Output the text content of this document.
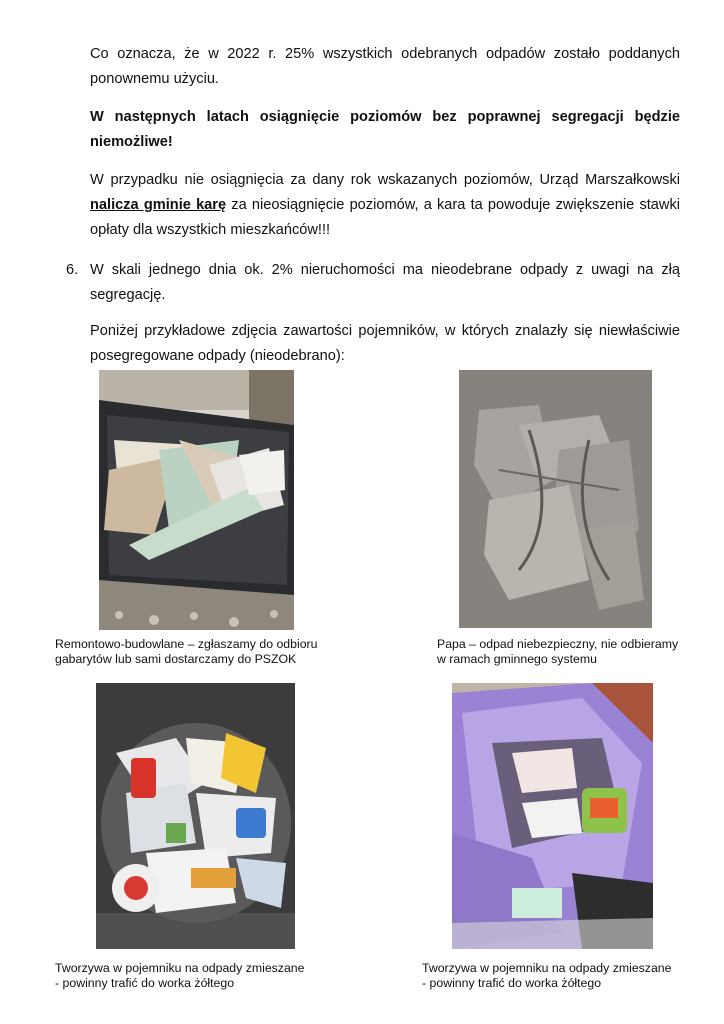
Co oznacza, że w 2022 r. 25% wszystkich odebranych odpadów zostało poddanych ponownemu użyciu.

W następnych latach osiągnięcie poziomów bez poprawnej segregacji będzie niemożliwe!

W przypadku nie osiągnięcia za dany rok wskazanych poziomów, Urząd Marszałkowski nalicza gminie karę za nieosiągnięcie poziomów, a kara ta powoduje zwiększenie stawki opłaty dla wszystkich mieszkańców!!!

6. W skali jednego dnia ok. 2% nieruchomości ma nieodebrane odpady z uwagi na złą segregację.

Poniżej przykładowe zdjęcia zawartości pojemników, w których znalazły się niewłaściwie posegregowane odpady (nieodebrano):

Remontowo-budowlane – zgłaszamy do odbioru
gabarytów lub sami dostarczamy do PSZOK

Papa – odpad niebezpieczny, nie odbieramy
w ramach gminnego systemu

Tworzywa w pojemniku na odpady zmieszane
- powinny trafić do worka żółtego

Tworzywa w pojemniku na odpady zmieszane
- powinny trafić do worka żółtego
